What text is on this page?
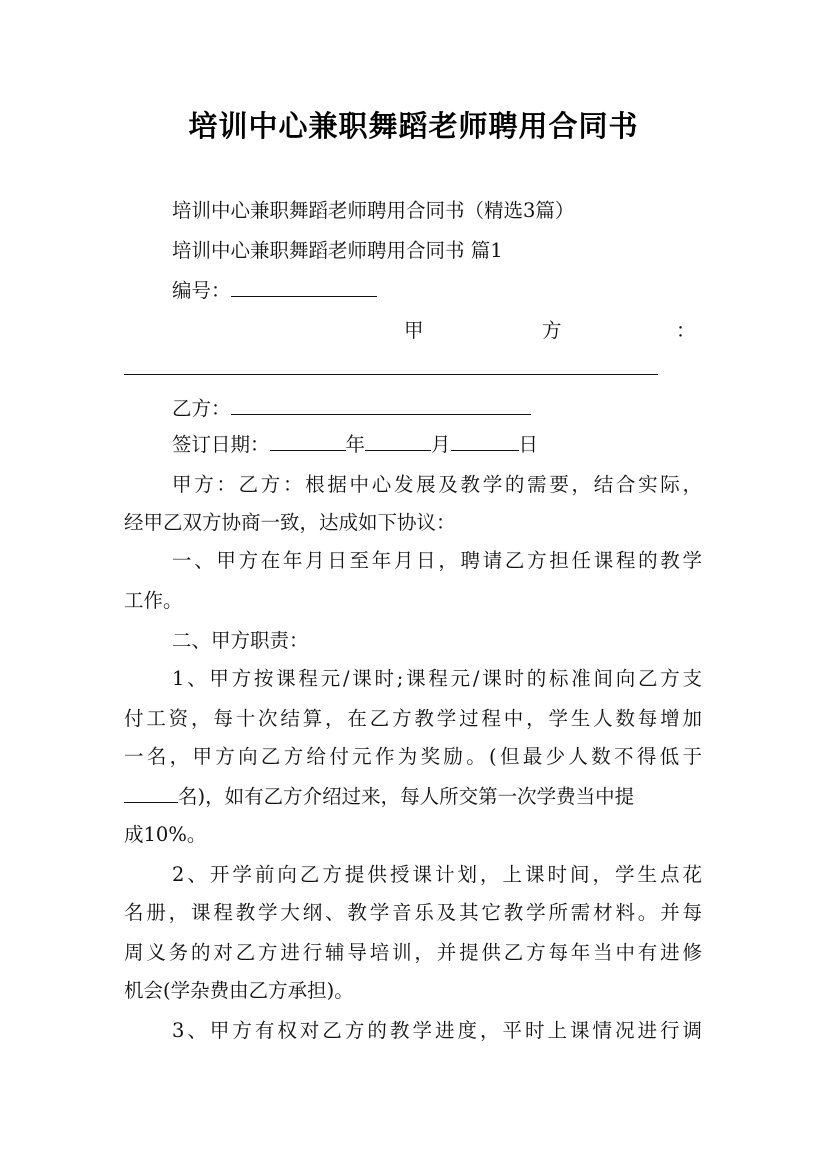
培训中心兼职舞蹈老师聘用合同书
培训中心兼职舞蹈老师聘用合同书（精选3篇）
培训中心兼职舞蹈老师聘用合同书 篇1
编号：
甲	方	：
乙方：
签订日期：	年	月	日
甲方：乙方：根据中心发展及教学的需要，结合实际，
经甲乙双方协商一致，达成如下协议：
一、甲方在年月日至年月日，聘请乙方担任课程的教学
工作。
二、甲方职责：
1、甲方按课程元/课时;课程元/课时的标准间向乙方支
付工资，每十次结算，在乙方教学过程中，学生人数每增加
一名，甲方向乙方给付元作为奖励。(但最少人数不得低于
名)，如有乙方介绍过来，每人所交第一次学费当中提
成10%。
2、开学前向乙方提供授课计划，上课时间，学生点花
名册，课程教学大纲、教学音乐及其它教学所需材料。并每
周义务的对乙方进行辅导培训，并提供乙方每年当中有进修
机会(学杂费由乙方承担)。
3、甲方有权对乙方的教学进度，平时上课情况进行调
